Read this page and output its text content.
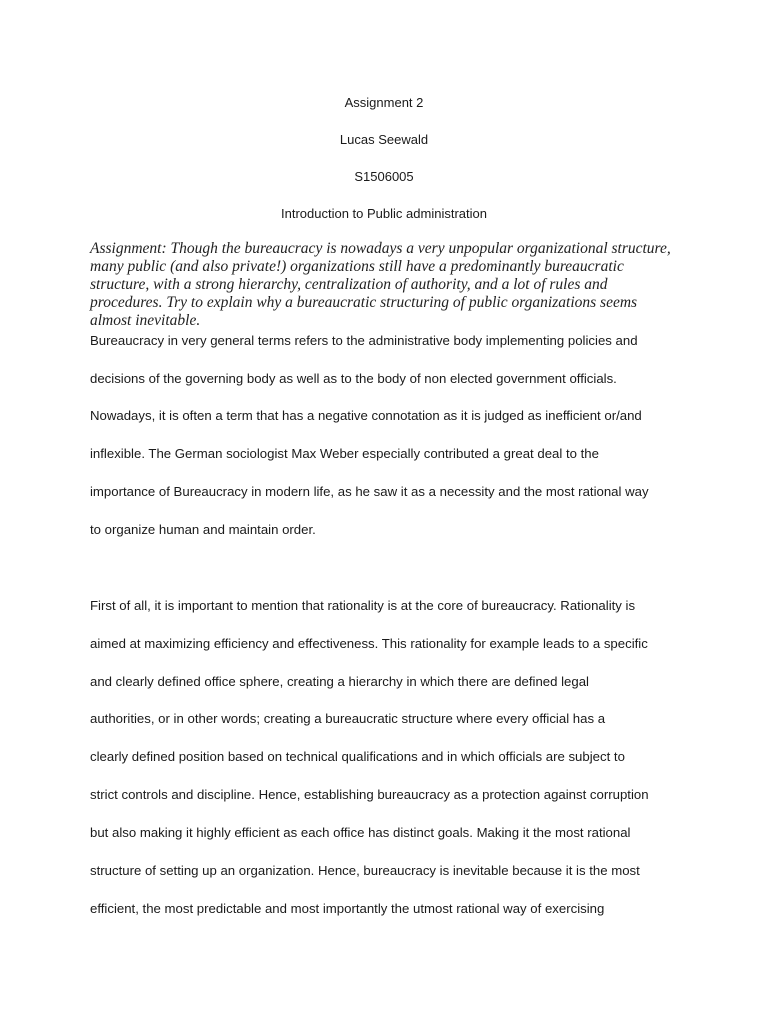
Assignment 2
Lucas Seewald
S1506005
Introduction to Public administration

Assignment: Though the bureaucracy is nowadays a very unpopular organizational structure, many public (and also private!) organizations still have a predominantly bureaucratic structure, with a strong hierarchy, centralization of authority, and a lot of rules and procedures. Try to explain why a bureaucratic structuring of public organizations seems almost inevitable.

Bureaucracy in very general terms refers to the administrative body implementing policies and
decisions of the governing body as well as to the body of non elected government officials.
Nowadays, it is often a term that has a negative connotation as it is judged as inefficient or/and
inflexible. The German sociologist Max Weber especially contributed a great deal to the
importance of Bureaucracy in modern life, as he saw it as a necessity and the most rational way
to organize human and maintain order.
First of all, it is important to mention that rationality is at the core of bureaucracy. Rationality is
aimed at maximizing efficiency and effectiveness. This rationality for example leads to a specific
and clearly defined office sphere, creating a hierarchy in which there are defined legal
authorities, or in other words; creating a bureaucratic structure where every official has a
clearly defined position based on technical qualifications and in which officials are subject to
strict controls and discipline. Hence, establishing bureaucracy as a protection against corruption
but also making it highly efficient as each office has distinct goals. Making it the most rational
structure of setting up an organization. Hence, bureaucracy is inevitable because it is the most
efficient, the most predictable and most importantly the utmost rational way of exercising
